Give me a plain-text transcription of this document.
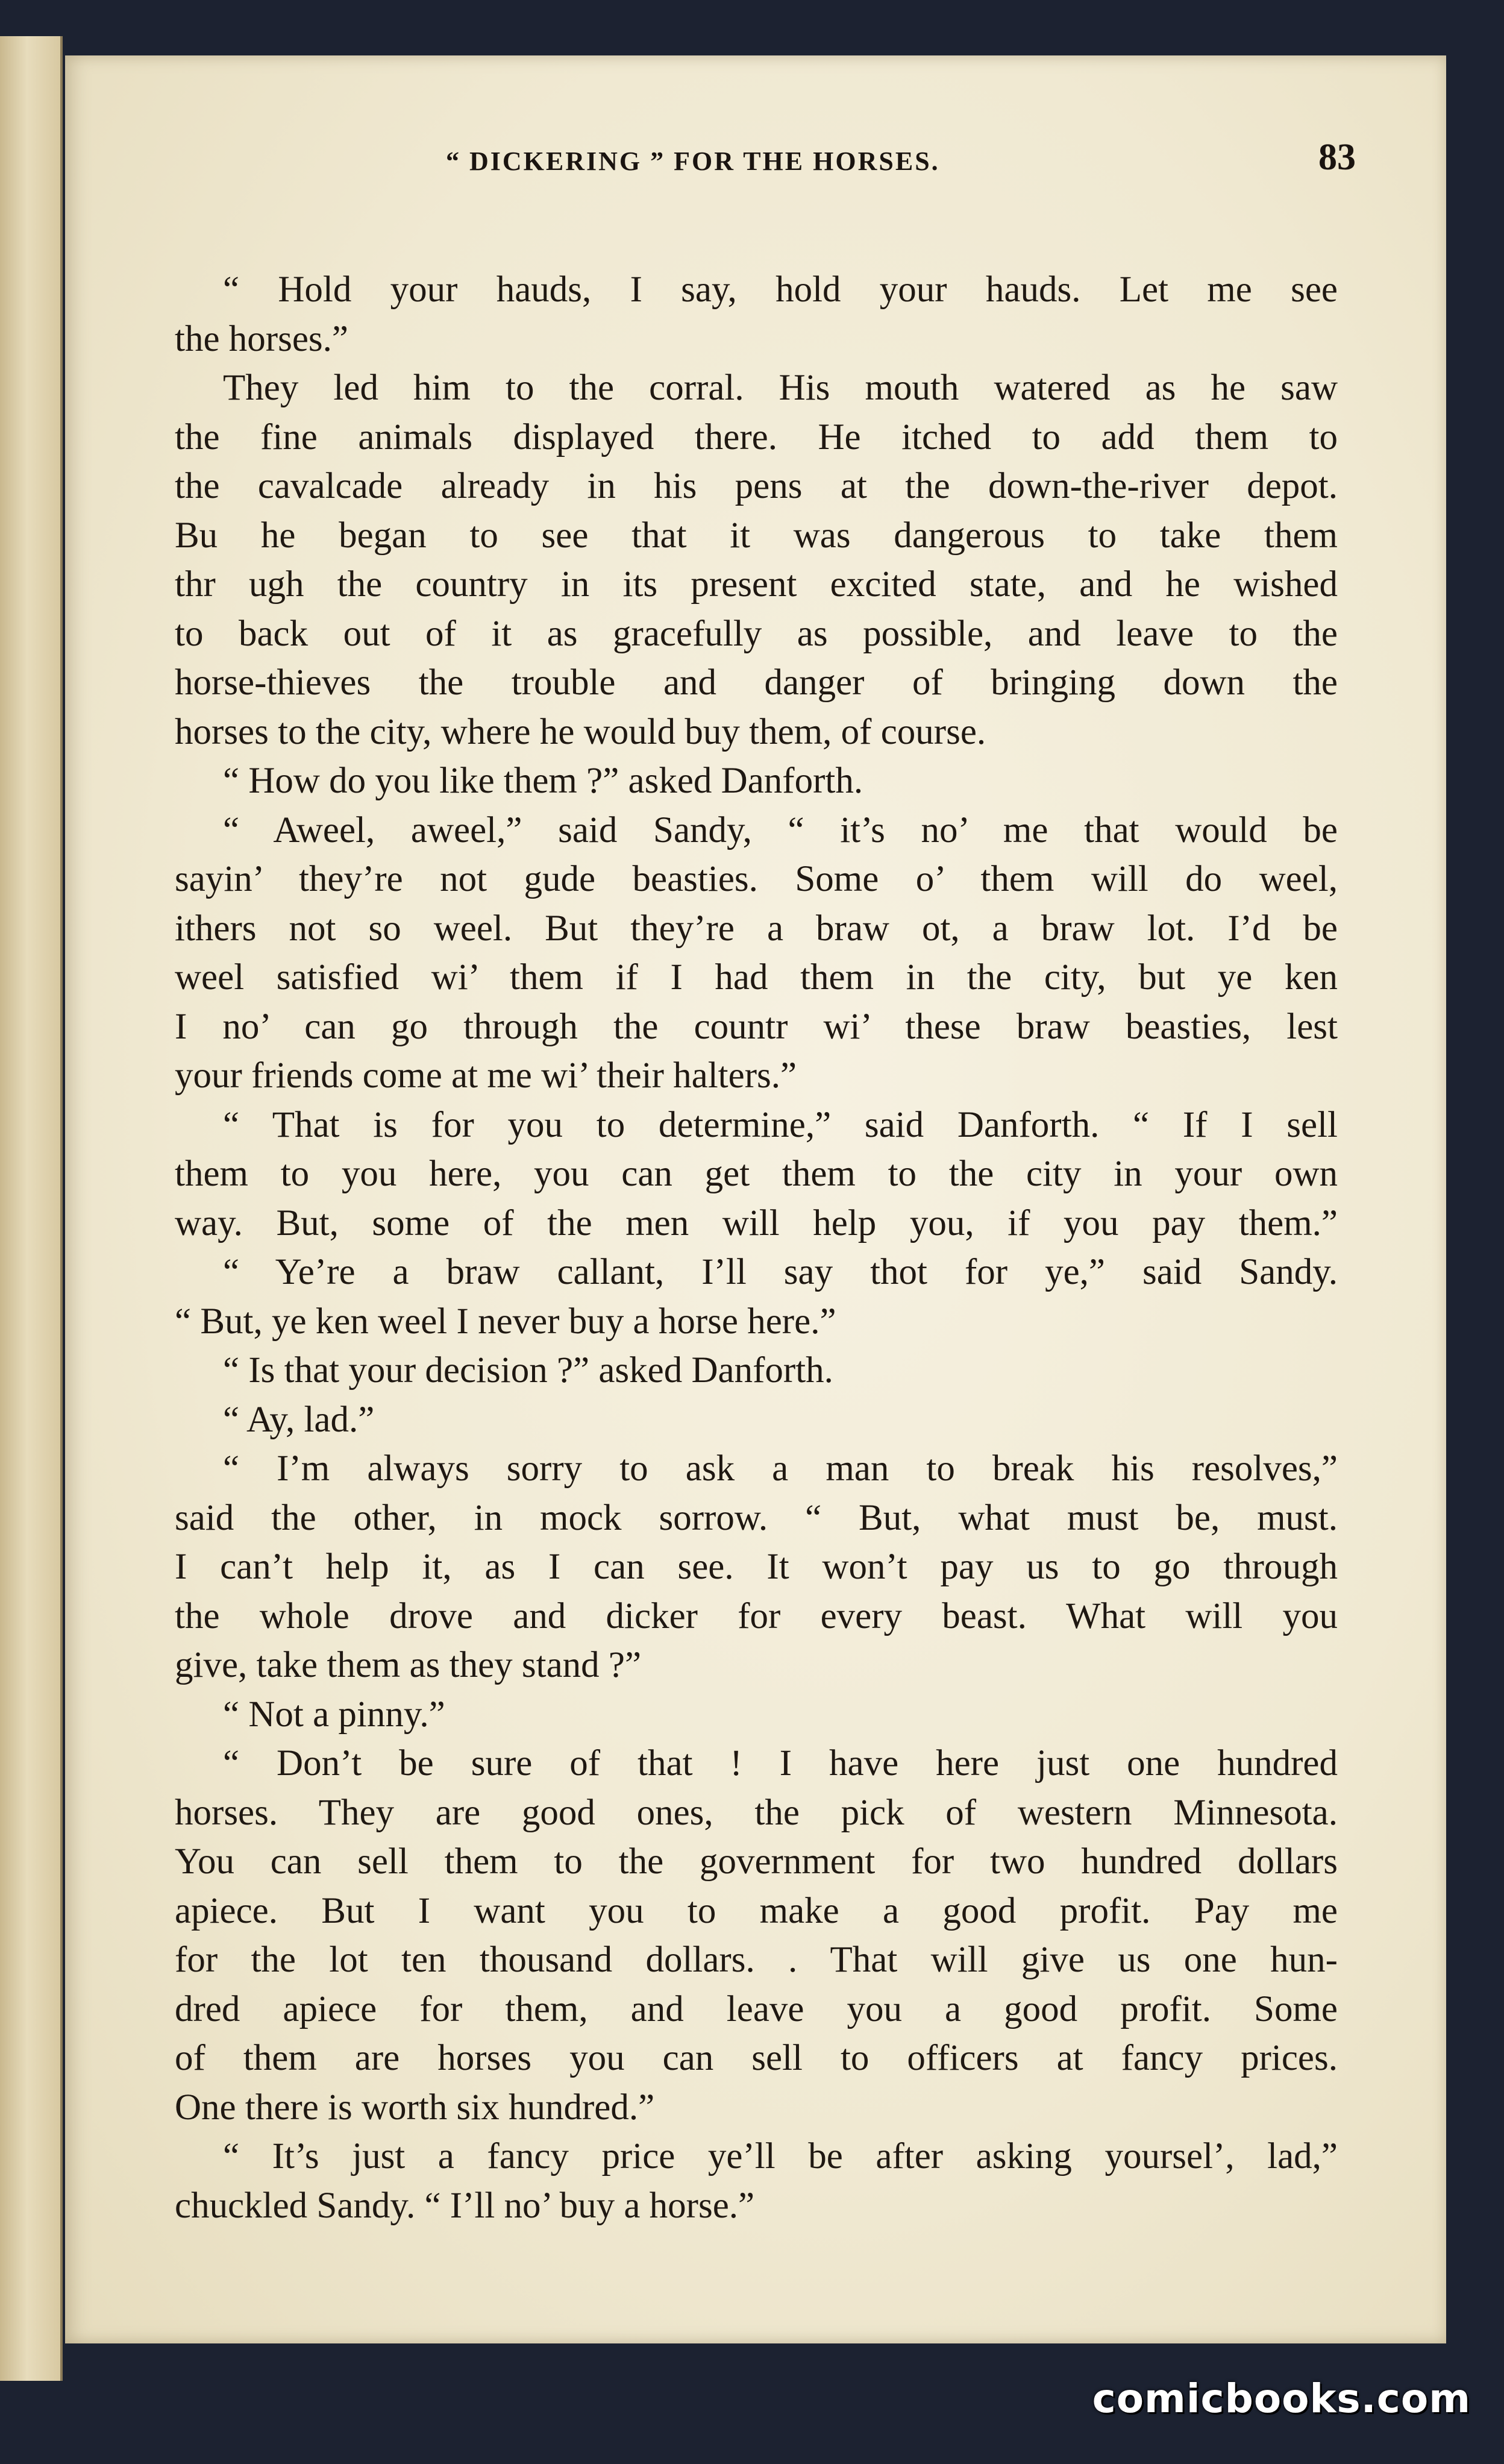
“ DICKERING ” FOR THE HORSES.	83
“ Hold your hauds, I say, hold your hauds. Let me see
the horses.”
They led him to the corral. His mouth watered as he saw
the fine animals displayed there. He itched to add them to
the cavalcade already in his pens at the down-the-river depot.
Bu he began to see that it was dangerous to take them
thr ugh the country in its present excited state, and he wished
to back out of it as gracefully as possible, and leave to the
horse-thieves the trouble and danger of bringing down the
horses to the city, where he would buy them, of course.
“ How do you like them ?” asked Danforth.
“ Aweel, aweel,” said Sandy, “ it’s no’ me that would be
sayin’ they’re not gude beasties. Some o’ them will do weel,
ithers not so weel. But they’re a braw ot, a braw lot. I’d be
weel satisfied wi’ them if I had them in the city, but ye ken
I no’ can go through the countr wi’ these braw beasties, lest
your friends come at me wi’ their halters.”
“ That is for you to determine,” said Danforth. “ If I sell
them to you here, you can get them to the city in your own
way. But, some of the men will help you, if you pay them.”
“ Ye’re a braw callant, I’ll say thot for ye,” said Sandy.
“ But, ye ken weel I never buy a horse here.”
“ Is that your decision ?” asked Danforth.
“ Ay, lad.”
“ I’m always sorry to ask a man to break his resolves,”
said the other, in mock sorrow. “ But, what must be, must.
I can’t help it, as I can see. It won’t pay us to go through
the whole drove and dicker for every beast. What will you
give, take them as they stand ?”
“ Not a pinny.”
“ Don’t be sure of that ! I have here just one hundred
horses. They are good ones, the pick of western Minnesota.
You can sell them to the government for two hundred dollars
apiece. But I want you to make a good profit. Pay me
for the lot ten thousand dollars. . That will give us one hun-
dred apiece for them, and leave you a good profit. Some
of them are horses you can sell to officers at fancy prices.
One there is worth six hundred.”
“ It’s just a fancy price ye’ll be after asking yoursel’, lad,”
chuckled Sandy. “ I’ll no’ buy a horse.”
comicbooks.com
